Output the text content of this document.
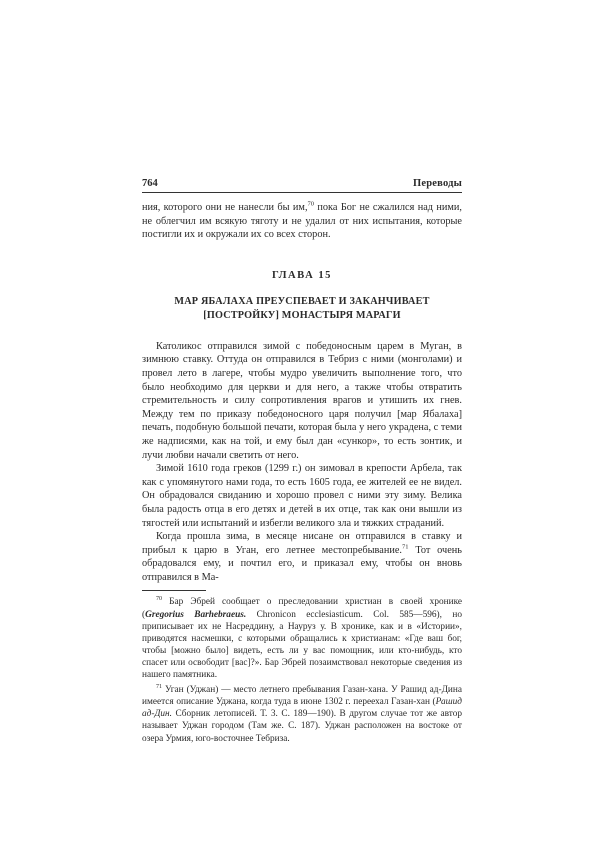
764	Переводы

ния, которого они не нанесли бы им,$^{70}$ пока Бог не сжалился над ними, не облегчил им всякую тяготу и не удалил от них испытания, которые постигли их и окружали их со всех сторон.

ГЛАВА 15
МАР ЯБАЛАХА ПРЕУСПЕВАЕТ И ЗАКАНЧИВАЕТ [ПОСТРОЙКУ] МОНАСТЫРЯ МАРАГИ

Католикос отправился зимой с победоносным царем в Муган, в зимнюю ставку. Оттуда он отправился в Тебриз с ними (монголами) и провел лето в лагере, чтобы мудро увеличить выполнение того, что было необходимо для церкви и для него, а также чтобы отвратить стремительность и силу сопротивления врагов и утишить их гнев. Между тем по приказу победоносного царя получил [мар Ябалаха] печать, подобную большой печати, которая была у него украдена, с теми же надписями, как на той, и ему был дан «сункор», то есть зонтик, и лучи любви начали светить от него.

Зимой 1610 года греков (1299 г.) он зимовал в крепости Арбела, так как с упомянутого нами года, то есть 1605 года, ее жителей ее не видел. Он обрадовался свиданию и хорошо провел с ними эту зиму. Велика была радость отца в его детях и детей в их отце, так как они вышли из тягостей или испытаний и избегли великого зла и тяжких страданий.

Когда прошла зима, в месяце нисане он отправился в ставку и прибыл к царю в Уган, его летнее местопребывание.$^{71}$ Тот очень обрадовался ему, и почтил его, и приказал ему, чтобы он вновь отправился в Ма-

$^{70}$ Бар Эбрей сообщает о преследовании христиан в своей хронике (Gregorius Barhebraeus. Chronicon ecclesiasticum. Col. 585—596), но приписывает их не Насреддину, а Науруз у. В хронике, как и в «Истории», приводятся насмешки, с которыми обращались к христианам: «Где ваш бог, чтобы [можно было] видеть, есть ли у вас помощник, или кто-нибудь, кто спасет или освободит [вас]?». Бар Эбрей позаимствовал некоторые сведения из нашего памятника.

$^{71}$ Уган (Уджан) — место летнего пребывания Газан-хана. У Рашид ад-Дина имеется описание Уджана, когда туда в июне 1302 г. переехал Газан-хан (Рашид ад-Дин. Сборник летописей. Т. 3. С. 189—190). В другом случае тот же автор называет Уджан городом (Там же. С. 187). Уджан расположен на востоке от озера Урмия, юго-восточнее Тебриза.
